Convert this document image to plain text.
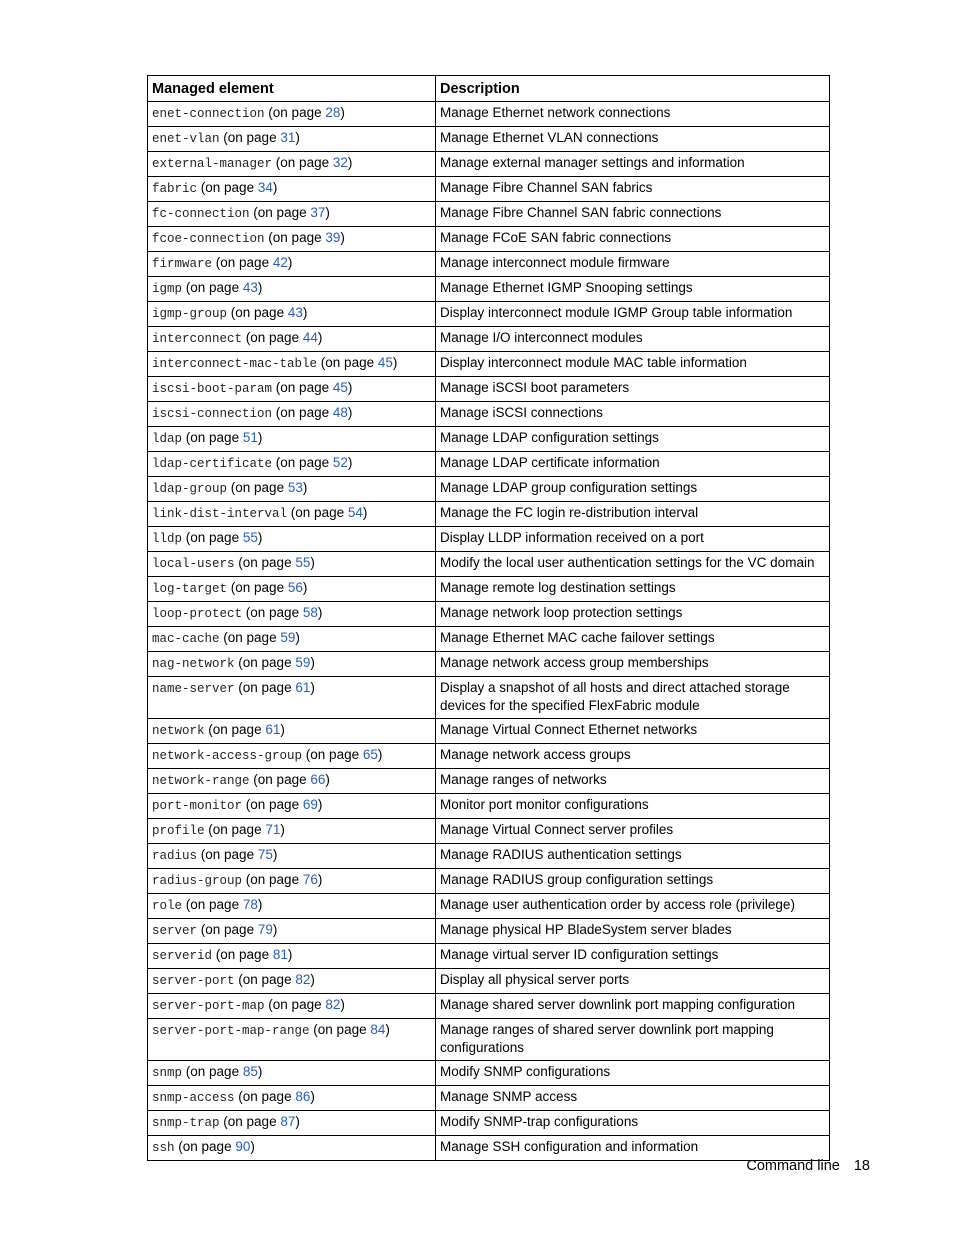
Managed element	Description
enet-connection (on page 28)	Manage Ethernet network connections
enet-vlan (on page 31)	Manage Ethernet VLAN connections
external-manager (on page 32)	Manage external manager settings and information
fabric (on page 34)	Manage Fibre Channel SAN fabrics
fc-connection (on page 37)	Manage Fibre Channel SAN fabric connections
fcoe-connection (on page 39)	Manage FCoE SAN fabric connections
firmware (on page 42)	Manage interconnect module firmware
igmp (on page 43)	Manage Ethernet IGMP Snooping settings
igmp-group (on page 43)	Display interconnect module IGMP Group table information
interconnect (on page 44)	Manage I/O interconnect modules
interconnect-mac-table (on page 45)	Display interconnect module MAC table information
iscsi-boot-param (on page 45)	Manage iSCSI boot parameters
iscsi-connection (on page 48)	Manage iSCSI connections
ldap (on page 51)	Manage LDAP configuration settings
ldap-certificate (on page 52)	Manage LDAP certificate information
ldap-group (on page 53)	Manage LDAP group configuration settings
link-dist-interval (on page 54)	Manage the FC login re-distribution interval
lldp (on page 55)	Display LLDP information received on a port
local-users (on page 55)	Modify the local user authentication settings for the VC domain
log-target (on page 56)	Manage remote log destination settings
loop-protect (on page 58)	Manage network loop protection settings
mac-cache (on page 59)	Manage Ethernet MAC cache failover settings
nag-network (on page 59)	Manage network access group memberships
name-server (on page 61)	Display a snapshot of all hosts and direct attached storage devices for the specified FlexFabric module
network (on page 61)	Manage Virtual Connect Ethernet networks
network-access-group (on page 65)	Manage network access groups
network-range (on page 66)	Manage ranges of networks
port-monitor (on page 69)	Monitor port monitor configurations
profile (on page 71)	Manage Virtual Connect server profiles
radius (on page 75)	Manage RADIUS authentication settings
radius-group (on page 76)	Manage RADIUS group configuration settings
role (on page 78)	Manage user authentication order by access role (privilege)
server (on page 79)	Manage physical HP BladeSystem server blades
serverid (on page 81)	Manage virtual server ID configuration settings
server-port (on page 82)	Display all physical server ports
server-port-map (on page 82)	Manage shared server downlink port mapping configuration
server-port-map-range (on page 84)	Manage ranges of shared server downlink port mapping configurations
snmp (on page 85)	Modify SNMP configurations
snmp-access (on page 86)	Manage SNMP access
snmp-trap (on page 87)	Modify SNMP-trap configurations
ssh (on page 90)	Manage SSH configuration and information
Command line 18
